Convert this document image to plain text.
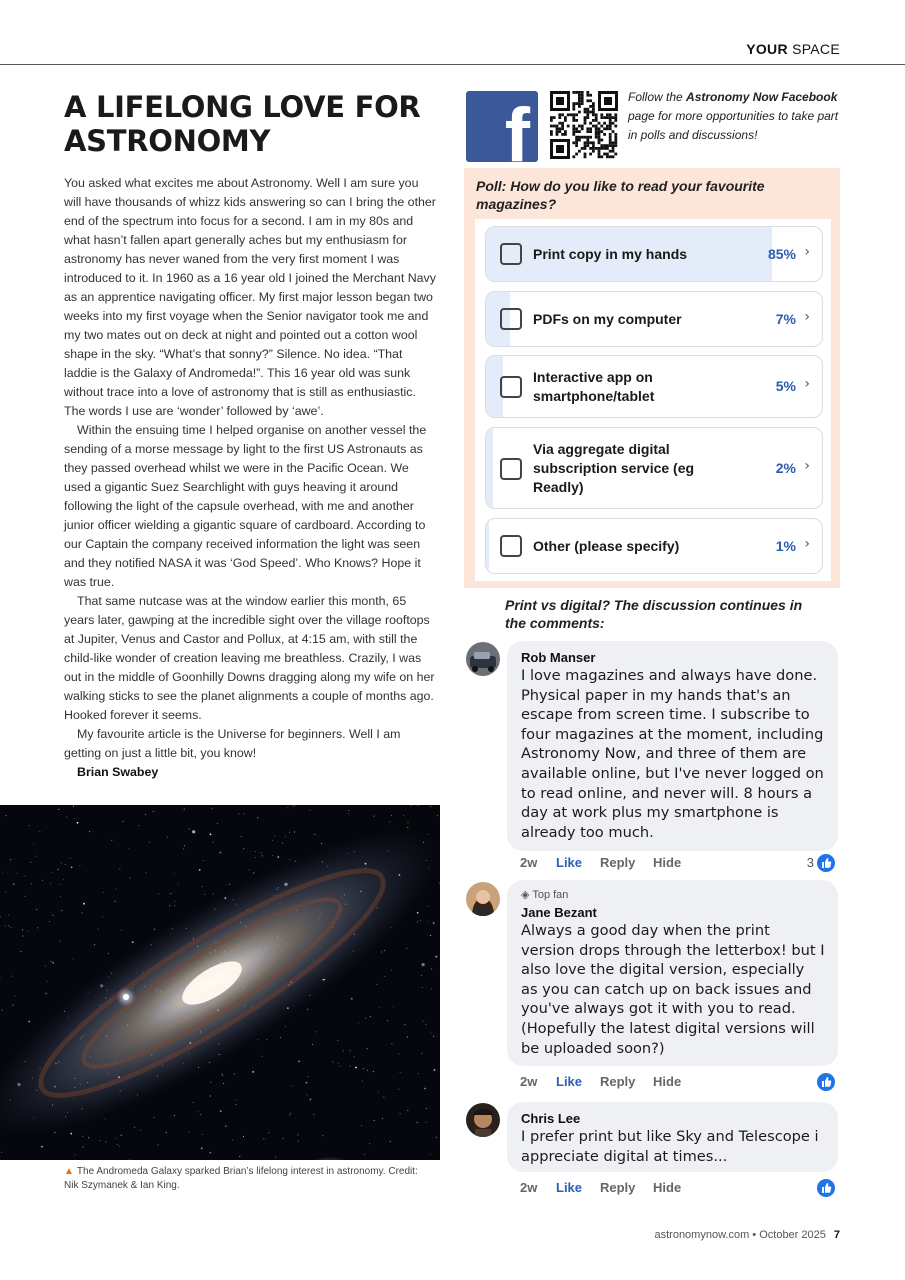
YOUR SPACE
A LIFELONG LOVE FOR ASTRONOMY

You asked what excites me about Astronomy. Well I am sure you will have thousands of whizz kids answering so can I bring the other end of the spectrum into focus for a second. I am in my 80s and what hasn’t fallen apart generally aches but my enthusiasm for astronomy has never waned from the very first moment I was introduced to it. In 1960 as a 16 year old I joined the Merchant Navy as an apprentice navigating officer. My first major lesson began two weeks into my first voyage when the Senior navigator took me and my two mates out on deck at night and pointed out a cotton wool shape in the sky. “What’s that sonny?” Silence. No idea. “That laddie is the Galaxy of Andromeda!”. This 16 year old was sunk without trace into a love of astronomy that is still as enthusiastic. The words I use are ‘wonder’ followed by ‘awe’.

Within the ensuing time I helped organise on another vessel the sending of a morse message by light to the first US Astronauts as they passed overhead whilst we were in the Pacific Ocean. We used a gigantic Suez Searchlight with guys heaving it around following the light of the capsule overhead, with me and another junior officer wielding a gigantic square of cardboard. According to our Captain the company received information the light was seen and they notified NASA it was ‘God Speed’. Who Knows? Hope it was true.

That same nutcase was at the window earlier this month, 65 years later, gawping at the incredible sight over the village rooftops at Jupiter, Venus and Castor and Pollux, at 4:15 am, with still the child-like wonder of creation leaving me breathless. Crazily, I was out in the middle of Goonhilly Downs dragging along my wife on her walking sticks to see the planet alignments a couple of months ago. Hooked forever it seems.

My favourite article is the Universe for beginners. Well I am getting on just a little bit, you know!

Brian Swabey
▲ The Andromeda Galaxy sparked Brian’s lifelong interest in astronomy. Credit: Nik Szymanek & Ian King.
f	Follow the Astronomy Now Facebook page for more opportunities to take part in polls and discussions!
Poll: How do you like to read your favourite magazines?
Print copy in my hands	85% ›
PDFs on my computer	7% ›
Interactive app on smartphone/tablet
5% ›
Via aggregate digital subscription service (eg Readly)
2% ›
Other (please specify)	1% ›
Print vs digital? The discussion continues in the comments:
Rob Manser
I love magazines and always have done. Physical paper in my hands that's an escape from screen time. I subscribe to four magazines at the moment, including Astronomy Now, and three of them are available online, but I've never logged on to read online, and never will. 8 hours a day at work plus my smartphone is already too much.
2w Like Reply Hide	3
◈ Top fan
Jane Bezant
Always a good day when the print version drops through the letterbox! but I also love the digital version, especially as you can catch up on back issues and you've always got it with you to read. (Hopefully the latest digital versions will be uploaded soon?)
2w Like Reply Hide
Chris Lee
I prefer print but like Sky and Telescope i appreciate digital at times...
2w Like Reply Hide
astronomynow.com • October 2025 7
